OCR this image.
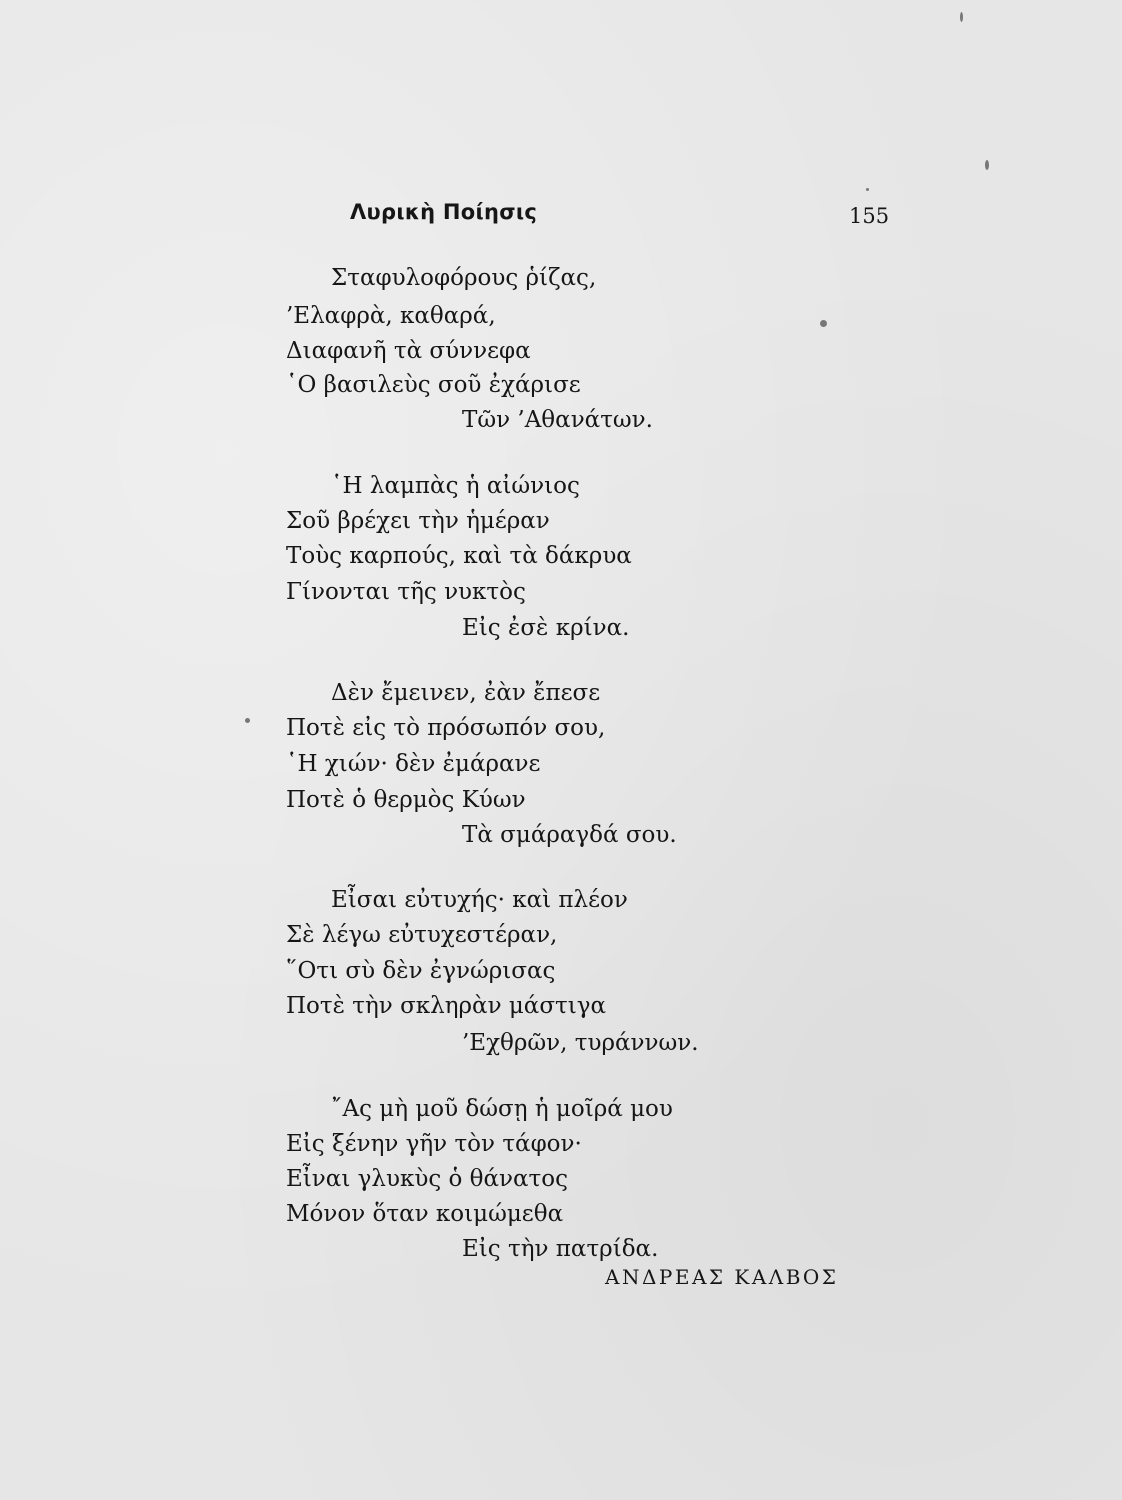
Λυρικὴ Ποίησις	155
Σταφυλοφόρους ῥίζας,
’Ελαφρὰ, καθαρά,
Διαφανῆ τὰ σύννεφα
῾Ο βασιλεὺς σοῦ ἐχάρισε
Τῶν ’Αθανάτων.
῾Η λαμπὰς ἡ αἰώνιος
Σοῦ βρέχει τὴν ἡμέραν
Τοὺς καρπούς, καὶ τὰ δάκρυα
Γίνονται τῆς νυκτὸς
Εἰς ἐσὲ κρίνα.
Δὲν ἔμεινεν, ἐὰν ἔπεσε
Ποτὲ εἰς τὸ πρόσωπόν σου,
῾Η χιών· δὲν ἐμάρανε
Ποτὲ ὁ θερμὸς Κύων
Τὰ σμάραγδά σου.
Εἶσαι εὐτυχής· καὶ πλέον
Σὲ λέγω εὐτυχεστέραν,
῞Οτι σὺ δὲν ἐγνώρισας
Ποτὲ τὴν σκληρὰν μάστιγα
’Εχθρῶν, τυράννων.
῎Ας μὴ μοῦ δώσῃ ἡ μοῖρά μου
Εἰς ξένην γῆν τὸν τάφον·
Εἶναι γλυκὺς ὁ θάνατος
Μόνον ὅταν κοιμώμεθα
Εἰς τὴν πατρίδα.
ΑΝΔΡΕΑΣ ΚΑΛΒΟΣ
